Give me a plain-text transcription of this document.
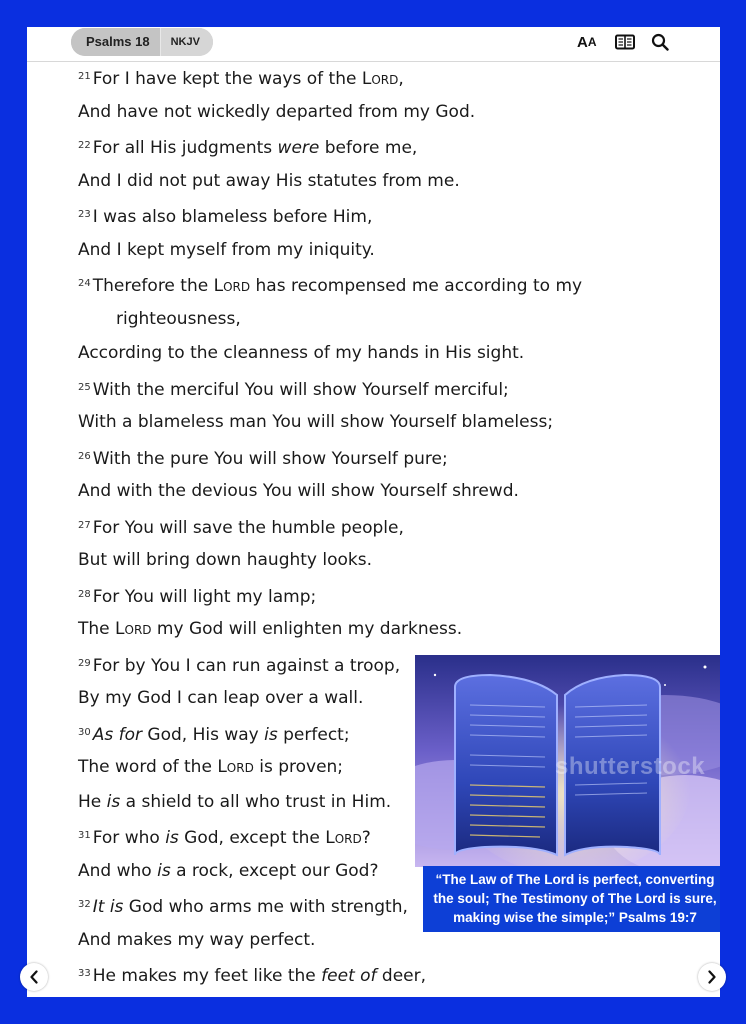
Psalms 18	NKJV	A A
$^{21}$ For I have kept the ways of the Lord,
And have not wickedly departed from my God.
$^{22}$ For all His judgments were before me,
And I did not put away His statutes from me.
$^{23}$ I was also blameless before Him,
And I kept myself from my iniquity.
$^{24}$ Therefore the Lord has recompensed me according to my
righteousness,
According to the cleanness of my hands in His sight.
$^{25}$ With the merciful You will show Yourself merciful;
With a blameless man You will show Yourself blameless;
$^{26}$ With the pure You will show Yourself pure;
And with the devious You will show Yourself shrewd.
$^{27}$ For You will save the humble people,
But will bring down haughty looks.
$^{28}$ For You will light my lamp;
The Lord my God will enlighten my darkness.
$^{29}$ For by You I can run against a troop,
By my God I can leap over a wall.
$^{30}$ As for God, His way is perfect;
The word of the Lord is proven;
He is a shield to all who trust in Him.
$^{31}$ For who is God, except the Lord?
And who is a rock, except our God?
$^{32}$ It is God who arms me with strength,
And makes my way perfect.
$^{33}$ He makes my feet like the feet of deer,
shutterstock
“The Law of The Lord is perfect, converting
the soul; The Testimony of The Lord is sure,
making wise the simple;” Psalms 19:7
